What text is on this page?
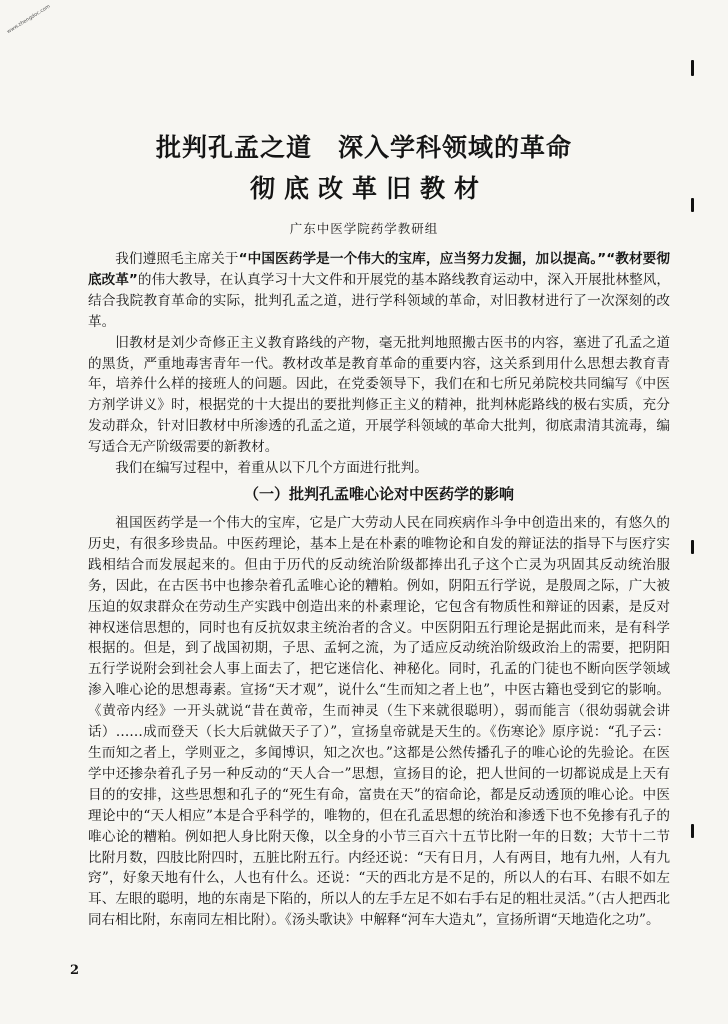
www.zhengdoc.com
批判孔孟之道　深入学科领域的革命
彻底改革旧教材
广东中医学院药学教研组

我们遵照毛主席关于“中国医药学是一个伟大的宝库，应当努力发掘，加以提高。”“教材要彻底改革”的伟大教导，在认真学习十大文件和开展党的基本路线教育运动中，深入开展批林整风，结合我院教育革命的实际，批判孔孟之道，进行学科领域的革命，对旧教材进行了一次深刻的改革。

旧教材是刘少奇修正主义教育路线的产物，毫无批判地照搬古医书的内容，塞进了孔孟之道的黑货，严重地毒害青年一代。教材改革是教育革命的重要内容，这关系到用什么思想去教育青年，培养什么样的接班人的问题。因此，在党委领导下，我们在和七所兄弟院校共同编写《中医方剂学讲义》时，根据党的十大提出的要批判修正主义的精神，批判林彪路线的极右实质，充分发动群众，针对旧教材中所渗透的孔孟之道，开展学科领域的革命大批判，彻底肃清其流毒，编写适合无产阶级需要的新教材。

我们在编写过程中，着重从以下几个方面进行批判。

（一）批判孔孟唯心论对中医药学的影响

祖国医药学是一个伟大的宝库，它是广大劳动人民在同疾病作斗争中创造出来的，有悠久的历史，有很多珍贵品。中医药理论，基本上是在朴素的唯物论和自发的辩证法的指导下与医疗实践相结合而发展起来的。但由于历代的反动统治阶级都捧出孔子这个亡灵为巩固其反动统治服务，因此，在古医书中也掺杂着孔孟唯心论的糟粕。例如，阴阳五行学说，是殷周之际，广大被压迫的奴隶群众在劳动生产实践中创造出来的朴素理论，它包含有物质性和辩证的因素，是反对神权迷信思想的，同时也有反抗奴隶主统治者的含义。中医阴阳五行理论是据此而来，是有科学根据的。但是，到了战国初期，子思、孟轲之流，为了适应反动统治阶级政治上的需要，把阴阳五行学说附会到社会人事上面去了，把它迷信化、神秘化。同时，孔孟的门徒也不断向医学领域渗入唯心论的思想毒素。宣扬“天才观”，说什么“生而知之者上也”，中医古籍也受到它的影响。《黄帝内经》一开头就说“昔在黄帝，生而神灵（生下来就很聪明），弱而能言（很幼弱就会讲话）……成而登天（长大后就做天子了）”，宣扬皇帝就是天生的。《伤寒论》原序说：“孔子云：生而知之者上，学则亚之，多闻博识，知之次也。”这都是公然传播孔子的唯心论的先验论。在医学中还掺杂着孔子另一种反动的“天人合一”思想，宣扬目的论，把人世间的一切都说成是上天有目的的安排，这些思想和孔子的“死生有命，富贵在天”的宿命论，都是反动透顶的唯心论。中医理论中的“天人相应”本是合乎科学的，唯物的，但在孔孟思想的统治和渗透下也不免掺有孔子的唯心论的糟粕。例如把人身比附天像，以全身的小节三百六十五节比附一年的日数；大节十二节比附月数，四肢比附四时，五脏比附五行。内经还说：“天有日月，人有两目，地有九州，人有九窍”，好象天地有什么，人也有什么。还说：“天的西北方是不足的，所以人的右耳、右眼不如左耳、左眼的聪明，地的东南是下陷的，所以人的左手左足不如右手右足的粗壮灵活。”（古人把西北同右相比附，东南同左相比附）。《汤头歌诀》中解释“河车大造丸”，宣扬所谓“天地造化之功”。

2
